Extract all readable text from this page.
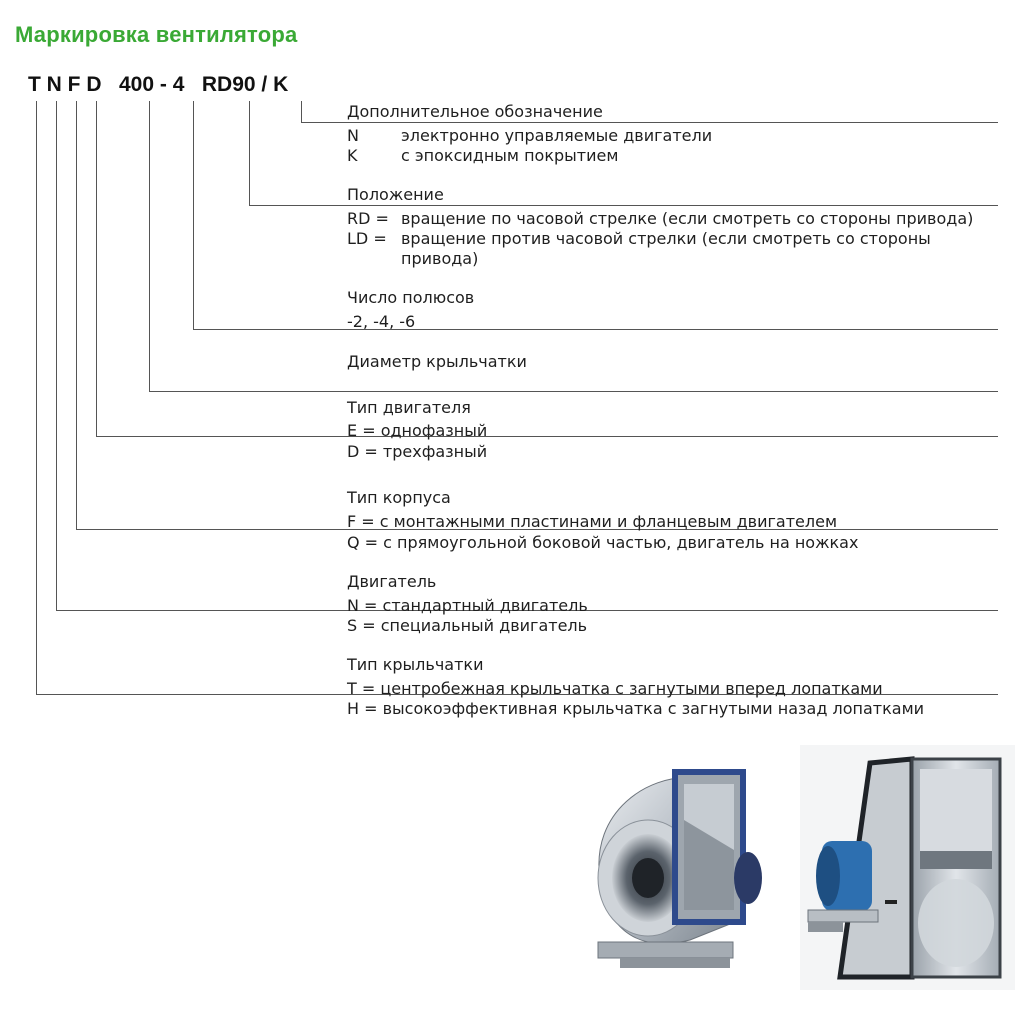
Маркировка вентилятора
T N F D   400 - 4   RD90 / K
Дополнительное обозначение
N	электронно управляемые двигатели
K	с эпоксидным покрытием
Положение
RD = вращение по часовой стрелке (если смотреть со стороны привода)
LD = вращение против часовой стрелки (если смотреть со стороны
привода)
Число полюсов
-2, -4, -6
Диаметр крыльчатки
Тип двигателя
E = однофазный
D = трехфазный
Тип корпуса
F = с монтажными пластинами и фланцевым двигателем
Q = с прямоугольной боковой частью, двигатель на ножках
Двигатель
N = стандартный двигатель
S = специальный двигатель
Тип крыльчатки
T = центробежная крыльчатка с загнутыми вперед лопатками
H = высокоэффективная крыльчатка с загнутыми назад лопатками
